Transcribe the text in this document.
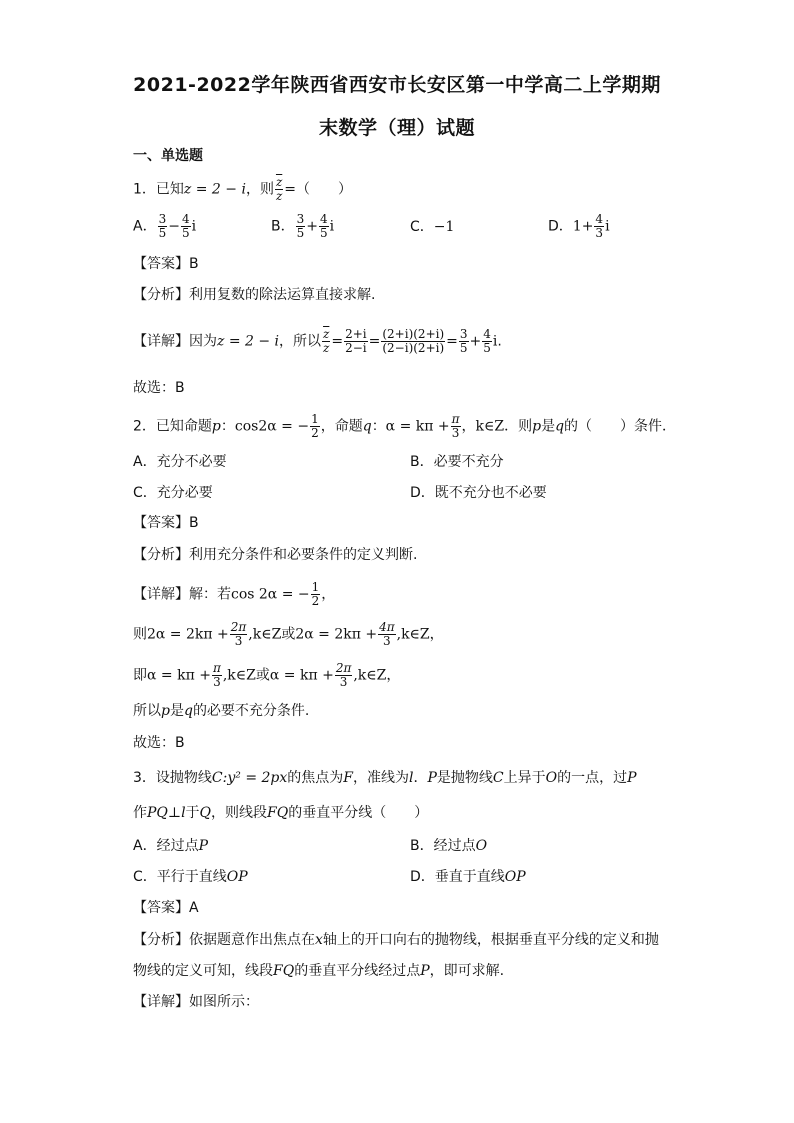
2021-2022学年陕西省西安市长安区第一中学高二上学期期
末数学（理）试题
一、单选题
1．已知z = 2 − i，则 $\frac{\overline{z}}{z}$ =（　　）
A． $\frac{3}{5} - \frac{4}{5}$ i	B． $\frac{3}{5} + \frac{4}{5}$ i	C．−1	D．$1+ \frac{4}{3}$ i
【答案】B
【分析】利用复数的除法运算直接求解.
【详解】因为z = 2 − i，所以 $\frac{\overline{z}}{z} = \frac{2+i}{2-i} = \frac{(2+i)(2+i)}{(2-i)(2+i)} = \frac{3}{5} + \frac{4}{5} i$.
故选：B
2．已知命题p：cos2α = − $\frac{1}{2}$ ，命题q：$\alpha = k\pi + \frac{\pi}{3}$ ，k∈Z．则p是q的（　　）条件．
A．充分不必要	B．必要不充分
C．充分必要	D．既不充分也不必要
【答案】B
【分析】利用充分条件和必要条件的定义判断.
【详解】解：若cos 2α = − $\frac{1}{2}$ ，
则$2\alpha = 2k\pi + \frac{2\pi}{3}$ ,k∈Z或$2\alpha = 2k\pi + \frac{4\pi}{3}$ ,k∈Z，
即$\alpha = k\pi + \frac{\pi}{3}$ ,k∈Z或$\alpha = k\pi + \frac{2\pi}{3}$ ,k∈Z，
所以p是q的必要不充分条件.
故选：B
3．设抛物线C:y² = 2px的焦点为F，准线为l．P是抛物线C上异于O的一点，过P
作PQ⊥l于Q，则线段FQ的垂直平分线（　　）
A．经过点P	B．经过点O
C．平行于直线OP	D．垂直于直线OP
【答案】A
【分析】依据题意作出焦点在x轴上的开口向右的抛物线，根据垂直平分线的定义和抛
物线的定义可知，线段FQ的垂直平分线经过点P，即可求解.
【详解】如图所示：
